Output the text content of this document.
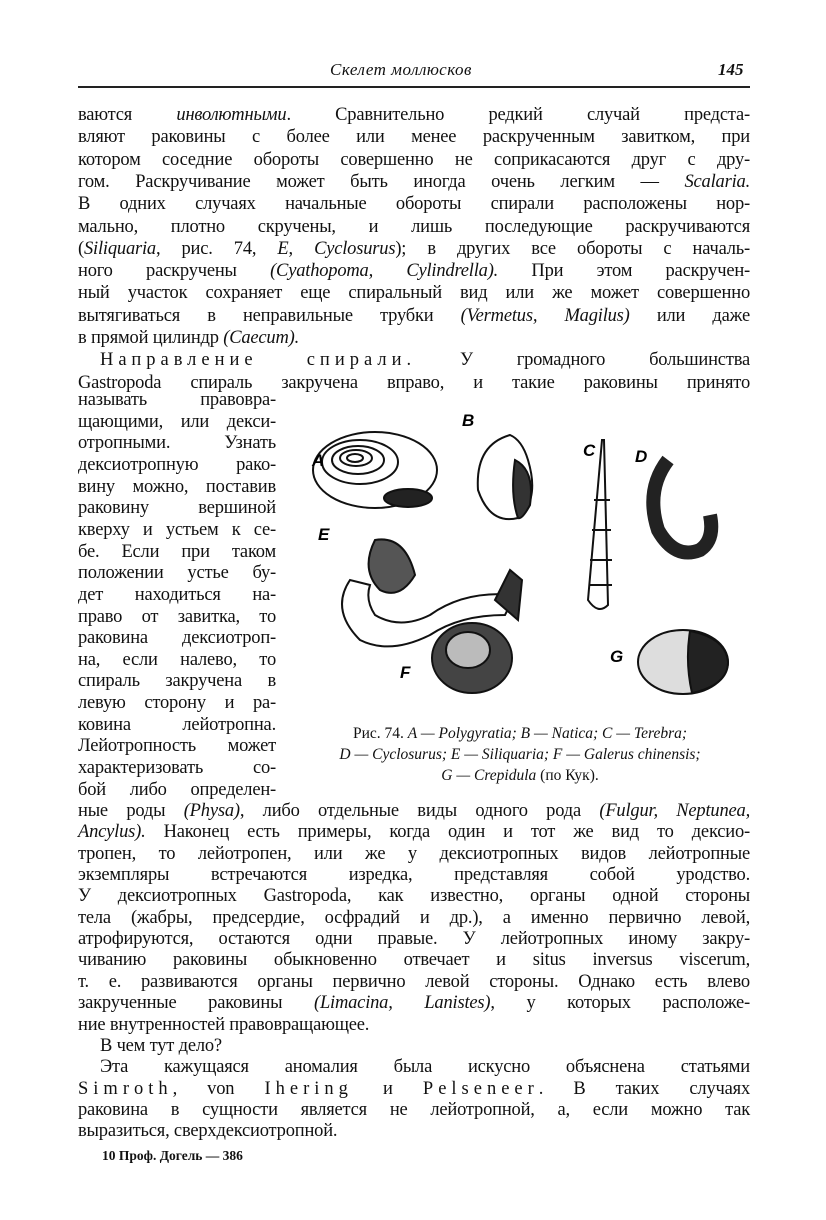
Скелет моллюсков	145
ваются инволютными. Сравнительно редкий случай предста-
вляют раковины с более или менее раскрученным завитком, при
котором соседние обороты совершенно не соприкасаются друг с дру-
гом. Раскручивание может быть иногда очень легким — Scalaria.
В одних случаях начальные обороты спирали расположены нор-
мально, плотно скручены, и лишь последующие раскручиваются
(Siliquaria, рис. 74, E, Cyclosurus); в других все обороты с началь-
ного раскручены (Cyathopoma, Cylindrella). При этом раскручен-
ный участок сохраняет еще спиральный вид или же может совершенно
вытягиваться в неправильные трубки (Vermetus, Magilus) или даже
в прямой цилиндр (Caecum).
Направление спирали. У громадного большинства
Gastropoda спираль закручена вправо, и такие раковины принято
называть правовра-
щающими, или декси-
отропными. Узнать
дексиотропную рако-
вину можно, поставив
раковину вершиной
кверху и устьем к се-
бе. Если при таком
положении устье бу-
дет находиться на-
право от завитка, то
раковина дексиотроп-
на, если налево, то
спираль закручена в
левую сторону и ра-
ковина лейотропна.
Лейотропность может
характеризовать со-
бой либо определен-
ные роды (Physa), либо отдельные виды одного рода (Fulgur, Neptunea,
Ancylus). Наконец есть примеры, когда один и тот же вид то дексио-
тропен, то лейотропен, или же у дексиотропных видов лейотропные
экземпляры встречаются изредка, представляя собой уродство.
У дексиотропных Gastropoda, как известно, органы одной стороны
тела (жабры, предсердие, осфрадий и др.), а именно первично левой,
атрофируются, остаются одни правые. У лейотропных иному закру-
чиванию раковины обыкновенно отвечает и situs inversus viscerum,
т. е. развиваются органы первично левой стороны. Однако есть влево
закрученные раковины (Limacina, Lanistes), у которых расположе-
ние внутренностей правовращающее.
В чем тут дело?
Эта кажущаяся аномалия была искусно объяснена статьями
Simroth, von Ihering и Pelseneer. В таких случаях
раковина в сущности является не лейотропной, а, если можно так
выразиться, сверхдексиотропной.
A
B
C D
E
F
G
Рис. 74. A — Polygyratia; B — Natica; C — Terebra;
D — Cyclosurus; E — Siliquaria; F — Galerus chinensis;
G — Crepidula (по Кук).
10 Проф. Догель — 386
